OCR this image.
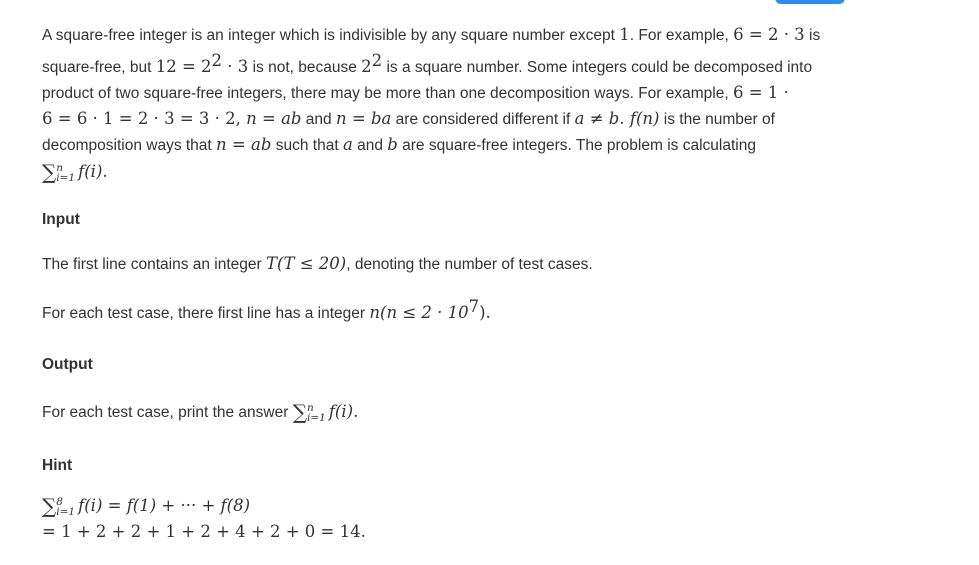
A square-free integer is an integer which is indivisible by any square number except 1. For example, 6 = 2 · 3 is
square-free, but $12 = 2^2 \cdot 3$ is not, because $2^2$ is a square number. Some integers could be decomposed into
product of two square-free integers, there may be more than one decomposition ways. For example, 6 = 1 ·
6 = 6 · 1 = 2 · 3 = 3 · 2, n = ab and n = ba are considered different if a ≠ b. f(n) is the number of
decomposition ways that n = ab such that a and b are square-free integers. The problem is calculating
∑ n
i=1 f(i).
Input
The first line contains an integer T(T ≤ 20), denoting the number of test cases.
For each test case, there first line has a integer $n(n \le 2 \cdot 10^7)$.
Output
For each test case, print the answer ∑ n
i=1 f(i).
Hint
∑ 8
i=1 f(i) = f(1) + ··· + f(8)
= 1 + 2 + 2 + 1 + 2 + 4 + 2 + 0 = 14.
